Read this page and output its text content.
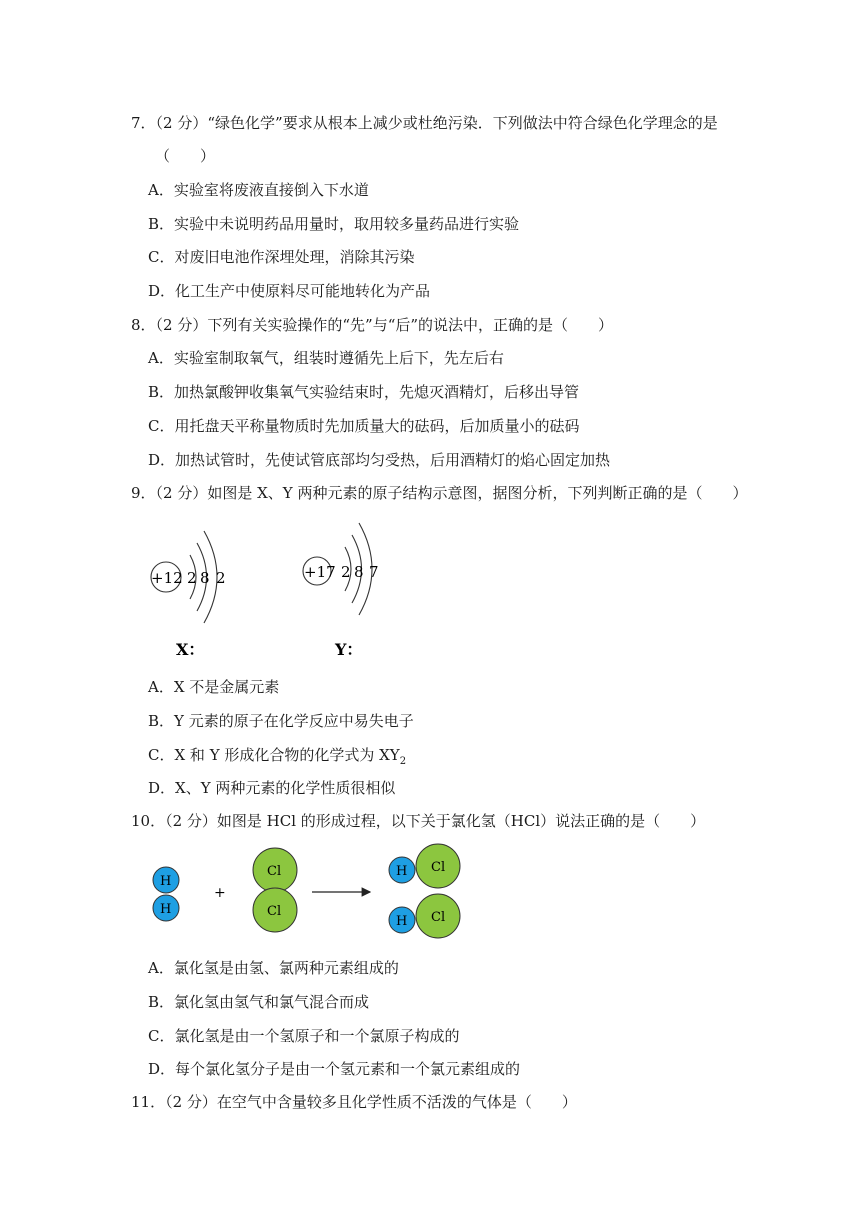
7．（2 分）“绿色化学”要求从根本上减少或杜绝污染．下列做法中符合绿色化学理念的是
（　　）
A．实验室将废液直接倒入下水道
B．实验中未说明药品用量时，取用较多量药品进行实验
C．对废旧电池作深埋处理，消除其污染
D．化工生产中使原料尽可能地转化为产品
8．（2 分）下列有关实验操作的“先”与“后”的说法中，正确的是（　　）
A．实验室制取氧气，组装时遵循先上后下，先左后右
B．加热氯酸钾收集氧气实验结束时，先熄灭酒精灯，后移出导管
C．用托盘天平称量物质时先加质量大的砝码，后加质量小的砝码
D．加热试管时，先使试管底部均匀受热，后用酒精灯的焰心固定加热
9．（2 分）如图是 X、Y 两种元素的原子结构示意图，据图分析，下列判断正确的是（　　）
+12 2 8 2	+17 2 8 7
X：	Y：
A．X 不是金属元素
B．Y 元素的原子在化学反应中易失电子
C．X 和 Y 形成化合物的化学式为 $XY_2$
D．X、Y 两种元素的化学性质很相似
10．（2 分）如图是 HCl 的形成过程，以下关于氯化氢（HCl）说法正确的是（　　）
+
H
H
Cl
Cl
H Cl
H Cl
A．氯化氢是由氢、氯两种元素组成的
B．氯化氢由氢气和氯气混合而成
C．氯化氢是由一个氢原子和一个氯原子构成的
D．每个氯化氢分子是由一个氢元素和一个氯元素组成的
11．（2 分）在空气中含量较多且化学性质不活泼的气体是（　　）
